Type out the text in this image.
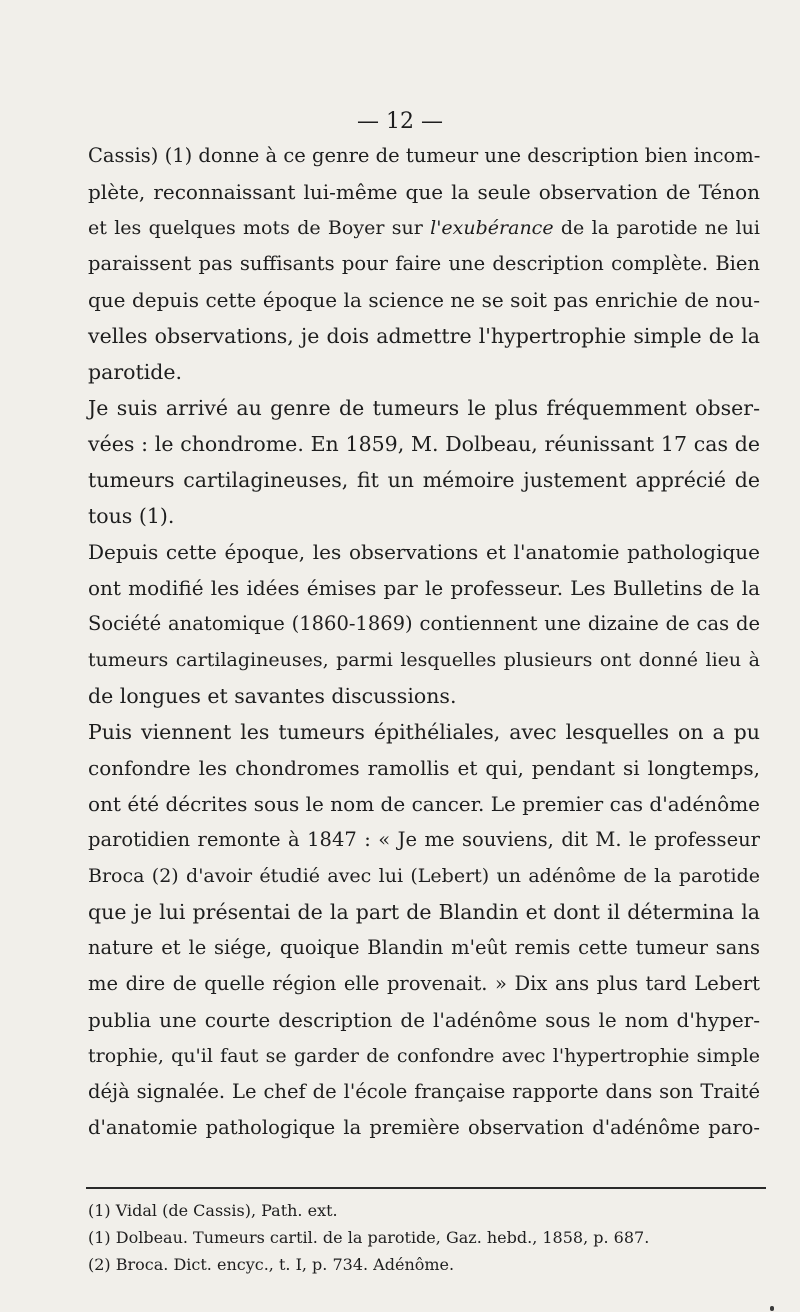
— 12 —
Cassis) (1) donne à ce genre de tumeur une description bien incom-
plète, reconnaissant lui-même que la seule observation de Ténon
et les quelques mots de Boyer sur l'exubérance de la parotide ne lui
paraissent pas suffisants pour faire une description complète. Bien
que depuis cette époque la science ne se soit pas enrichie de nou-
velles observations, je dois admettre l'hypertrophie simple de la
parotide.
Je suis arrivé au genre de tumeurs le plus fréquemment obser-
vées : le chondrome. En 1859, M. Dolbeau, réunissant 17 cas de
tumeurs cartilagineuses, fit un mémoire justement apprécié de
tous (1).
Depuis cette époque, les observations et l'anatomie pathologique
ont modifié les idées émises par le professeur. Les Bulletins de la
Société anatomique (1860-1869) contiennent une dizaine de cas de
tumeurs cartilagineuses, parmi lesquelles plusieurs ont donné lieu à
de longues et savantes discussions.
Puis viennent les tumeurs épithéliales, avec lesquelles on a pu
confondre les chondromes ramollis et qui, pendant si longtemps,
ont été décrites sous le nom de cancer. Le premier cas d'adénôme
parotidien remonte à 1847 : « Je me souviens, dit M. le professeur
Broca (2) d'avoir étudié avec lui (Lebert) un adénôme de la parotide
que je lui présentai de la part de Blandin et dont il détermina la
nature et le siége, quoique Blandin m'eût remis cette tumeur sans
me dire de quelle région elle provenait. » Dix ans plus tard Lebert
publia une courte description de l'adénôme sous le nom d'hyper-
trophie, qu'il faut se garder de confondre avec l'hypertrophie simple
déjà signalée. Le chef de l'école française rapporte dans son Traité
d'anatomie pathologique la première observation d'adénôme paro-
(1) Vidal (de Cassis), Path. ext.
(1) Dolbeau. Tumeurs cartil. de la parotide, Gaz. hebd., 1858, p. 687.
(2) Broca. Dict. encyc., t. I, p. 734. Adénôme.
